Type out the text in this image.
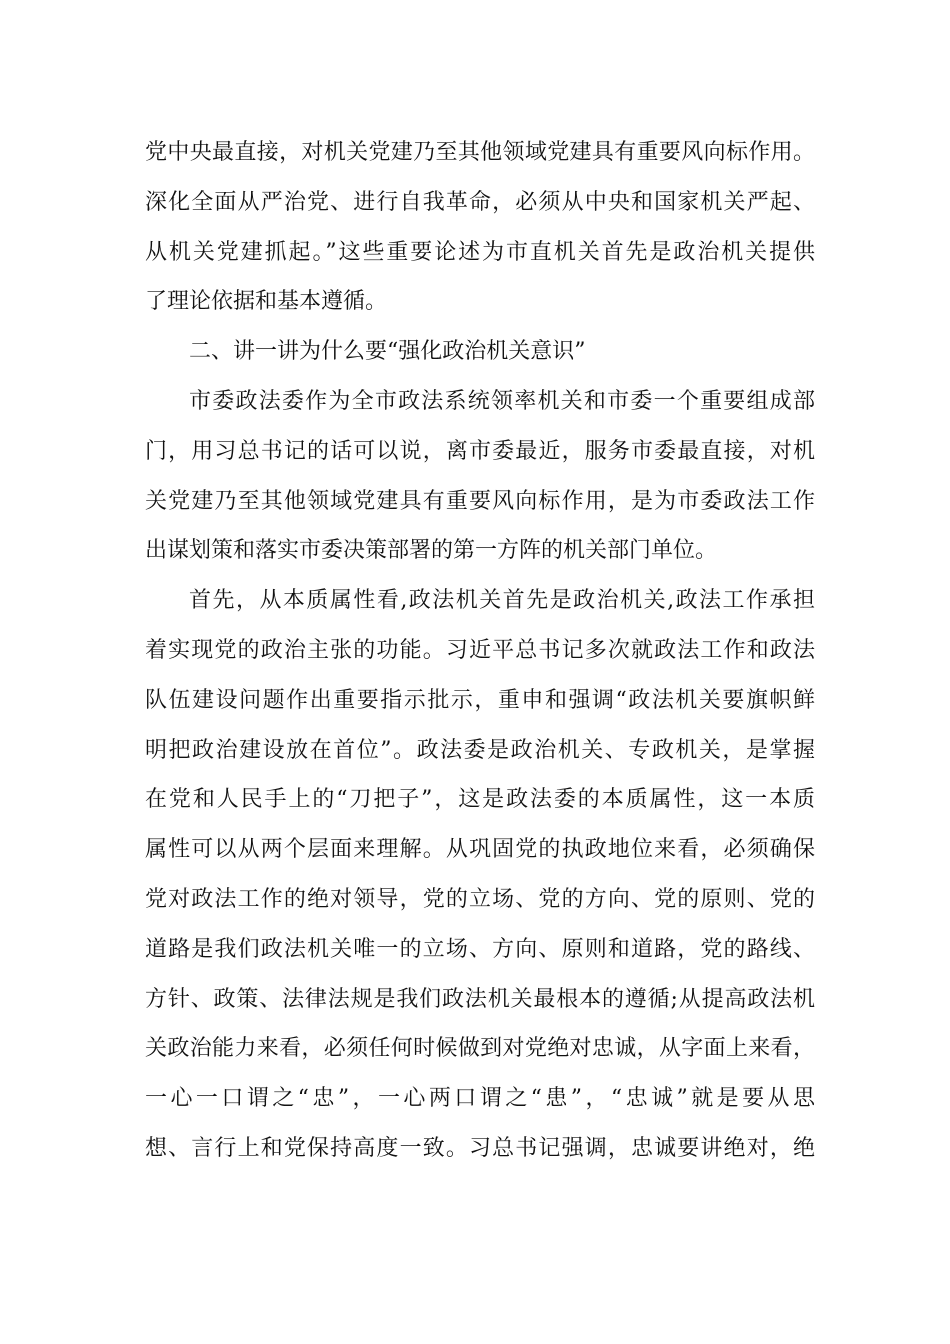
党中央最直接，对机关党建乃至其他领域党建具有重要风向标作用。
深化全面从严治党、进行自我革命，必须从中央和国家机关严起、
从机关党建抓起。”这些重要论述为市直机关首先是政治机关提供
了理论依据和基本遵循。
二、讲一讲为什么要“强化政治机关意识”
市委政法委作为全市政法系统领率机关和市委一个重要组成部
门，用习总书记的话可以说，离市委最近，服务市委最直接，对机
关党建乃至其他领域党建具有重要风向标作用，是为市委政法工作
出谋划策和落实市委决策部署的第一方阵的机关部门单位。
首先，从本质属性看,政法机关首先是政治机关,政法工作承担
着实现党的政治主张的功能。习近平总书记多次就政法工作和政法
队伍建设问题作出重要指示批示，重申和强调“政法机关要旗帜鲜
明把政治建设放在首位”。政法委是政治机关、专政机关，是掌握
在党和人民手上的“刀把子”，这是政法委的本质属性，这一本质
属性可以从两个层面来理解。从巩固党的执政地位来看，必须确保
党对政法工作的绝对领导，党的立场、党的方向、党的原则、党的
道路是我们政法机关唯一的立场、方向、原则和道路，党的路线、
方针、政策、法律法规是我们政法机关最根本的遵循;从提高政法机
关政治能力来看，必须任何时候做到对党绝对忠诚，从字面上来看，
一心一口谓之“忠”，一心两口谓之“患”，“忠诚”就是要从思
想、言行上和党保持高度一致。习总书记强调，忠诚要讲绝对，绝
